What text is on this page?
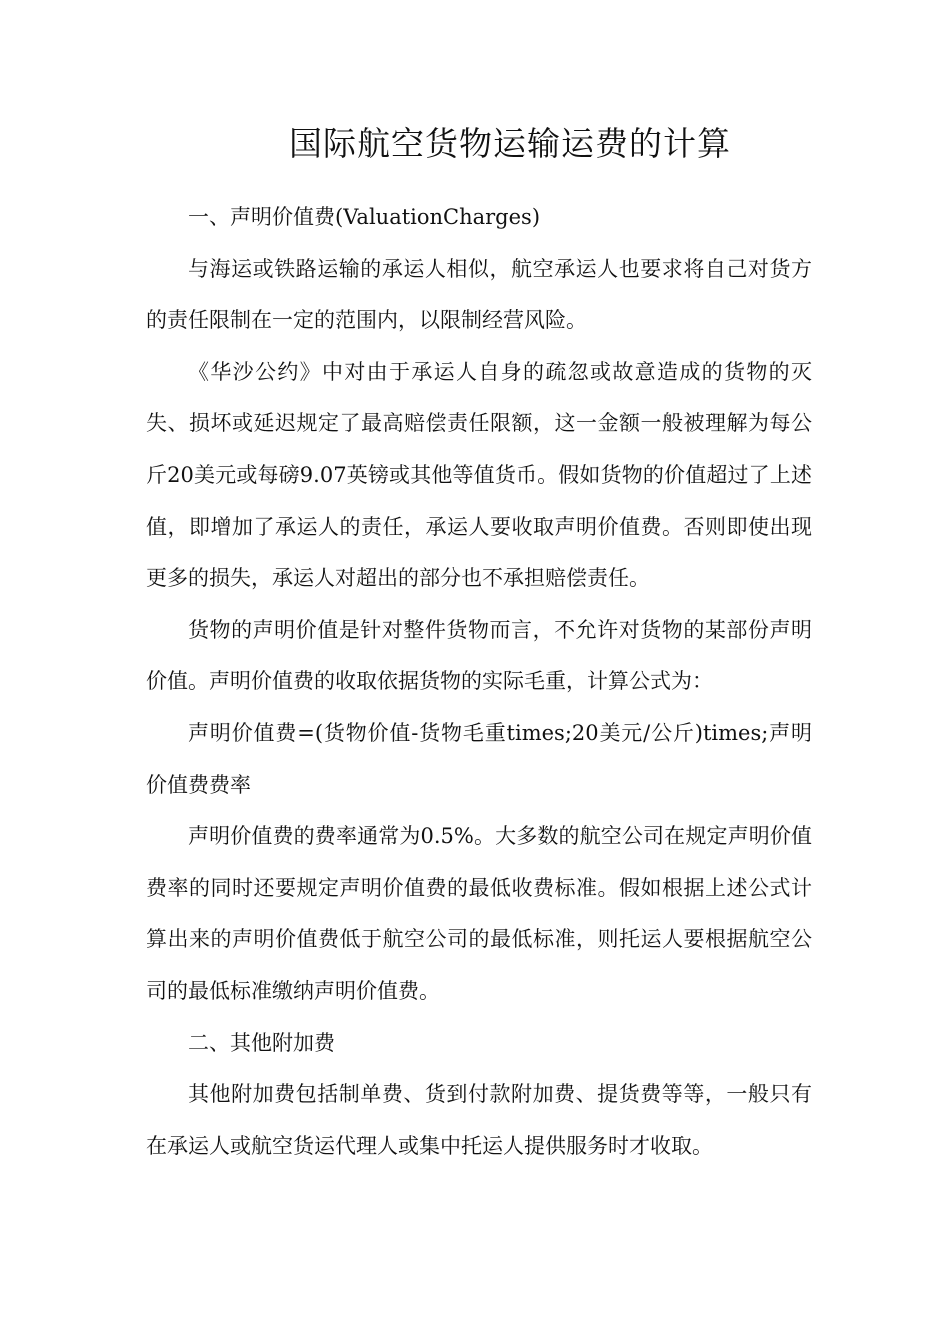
国际航空货物运输运费的计算

一、声明价值费(ValuationCharges)

与海运或铁路运输的承运人相似，航空承运人也要求将自己对货方的责任限制在一定的范围内，以限制经营风险。

《华沙公约》中对由于承运人自身的疏忽或故意造成的货物的灭失、损坏或延迟规定了最高赔偿责任限额，这一金额一般被理解为每公斤20美元或每磅9.07英镑或其他等值货币。假如货物的价值超过了上述值，即增加了承运人的责任，承运人要收取声明价值费。否则即使出现更多的损失，承运人对超出的部分也不承担赔偿责任。

货物的声明价值是针对整件货物而言，不允许对货物的某部份声明价值。声明价值费的收取依据货物的实际毛重，计算公式为：

声明价值费=(货物价值-货物毛重times;20美元/公斤)times;声明价值费费率

声明价值费的费率通常为0.5%。大多数的航空公司在规定声明价值费率的同时还要规定声明价值费的最低收费标准。假如根据上述公式计算出来的声明价值费低于航空公司的最低标准，则托运人要根据航空公司的最低标准缴纳声明价值费。

二、其他附加费

其他附加费包括制单费、货到付款附加费、提货费等等，一般只有在承运人或航空货运代理人或集中托运人提供服务时才收取。
